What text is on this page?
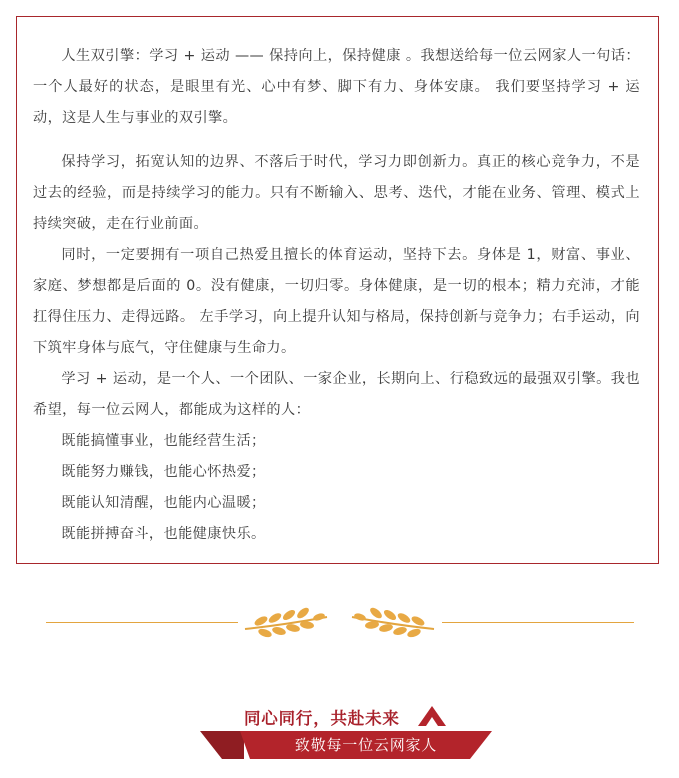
人生双引擎：学习 + 运动 —— 保持向上，保持健康 。我想送给每一位云网家人一句话：一个人最好的状态，是眼里有光、心中有梦、脚下有力、身体安康。 我们要坚持学习 + 运动，这是人生与事业的双引擎。

保持学习，拓宽认知的边界、不落后于时代，学习力即创新力。真正的核心竞争力，不是过去的经验，而是持续学习的能力。只有不断输入、思考、迭代，才能在业务、管理、模式上持续突破，走在行业前面。

同时，一定要拥有一项自己热爱且擅长的体育运动，坚持下去。身体是 1，财富、事业、家庭、梦想都是后面的 0。没有健康，一切归零。身体健康，是一切的根本；精力充沛，才能扛得住压力、走得远路。 左手学习，向上提升认知与格局，保持创新与竞争力；右手运动，向下筑牢身体与底气，守住健康与生命力。

学习 + 运动，是一个人、一个团队、一家企业，长期向上、行稳致远的最强双引擎。我也希望，每一位云网人，都能成为这样的人：

既能搞懂事业，也能经营生活；

既能努力赚钱，也能心怀热爱；

既能认知清醒，也能内心温暖；

既能拼搏奋斗，也能健康快乐。

同心同行，共赴未来
致敬每一位云网家人
